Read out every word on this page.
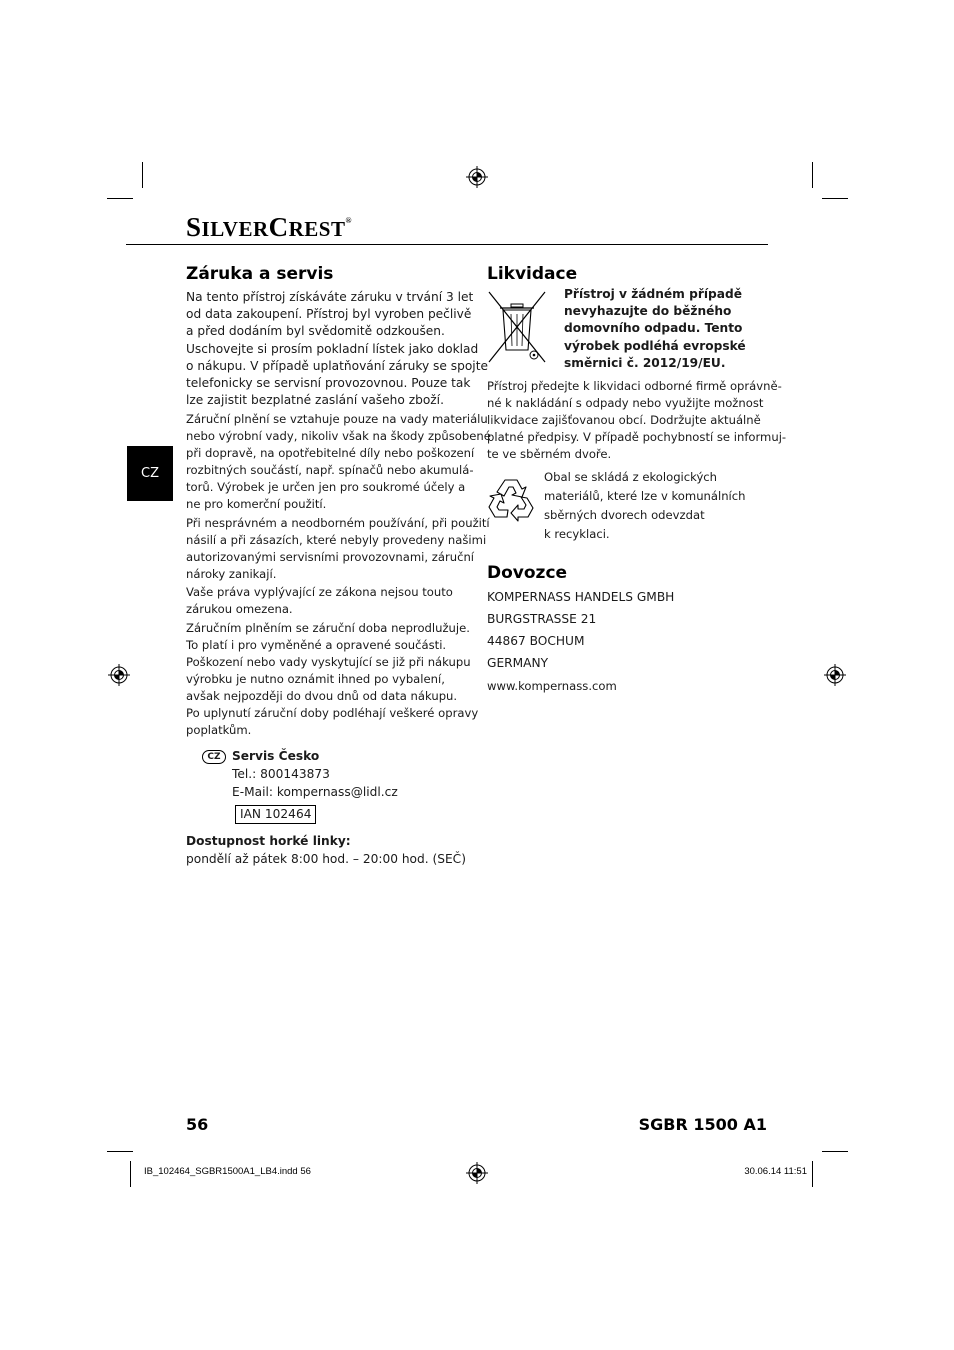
SILVERCREST®
CZ
Záruka a servis
Na tento přístroj získáváte záruku v trvání 3 let
od data zakoupení. Přístroj byl vyroben pečlivě
a před dodáním byl svědomitě odzkoušen.
Uschovejte si prosím pokladní lístek jako doklad
o nákupu. V případě uplatňování záruky se spojte
telefonicky se servisní provozovnou. Pouze tak
lze zajistit bezplatné zaslání vašeho zboží.
Záruční plnění se vztahuje pouze na vady materiálu
nebo výrobní vady, nikoliv však na škody způsobené
při dopravě, na opotřebitelné díly nebo poškození
rozbitných součástí, např. spínačů nebo akumulá-
torů. Výrobek je určen jen pro soukromé účely a
ne pro komerční použití.
Při nesprávném a neodborném používání, při použití
násilí a při zásazích, které nebyly provedeny našimi
autorizovanými servisními provozovnami, záruční
nároky zanikají.
Vaše práva vyplývající ze zákona nejsou touto
zárukou omezena.
Záručním plněním se záruční doba neprodlužuje.
To platí i pro vyměněné a opravené součásti.
Poškození nebo vady vyskytující se již při nákupu
výrobku je nutno oznámit ihned po vybalení,
avšak nejpozději do dvou dnů od data nákupu.
Po uplynutí záruční doby podléhají veškeré opravy
poplatkům.
CZ Servis Česko
Tel.: 800143873
E-Mail: kompernass@lidl.cz
IAN 102464
Dostupnost horké linky:
pondělí až pátek 8:00 hod. – 20:00 hod. (SEČ)
Likvidace
Přístroj v žádném případě
nevyhazujte do běžného
domovního odpadu. Tento
výrobek podléhá evropské
směrnici č. 2012/19/EU.
Přístroj předejte k likvidaci odborné firmě oprávně-
né k nakládání s odpady nebo využijte možnost
likvidace zajišťovanou obcí. Dodržujte aktuálně
platné předpisy. V případě pochybností se informuj-
te ve sběrném dvoře.
Obal se skládá z ekologických
materiálů, které lze v komunálních
sběrných dvorech odevzdat
k recyklaci.
Dovozce
KOMPERNASS HANDELS GMBH
BURGSTRASSE 21
44867 BOCHUM
GERMANY
www.kompernass.com
56	SGBR 1500 A1
IB_102464_SGBR1500A1_LB4.indd 56	30.06.14 11:51
